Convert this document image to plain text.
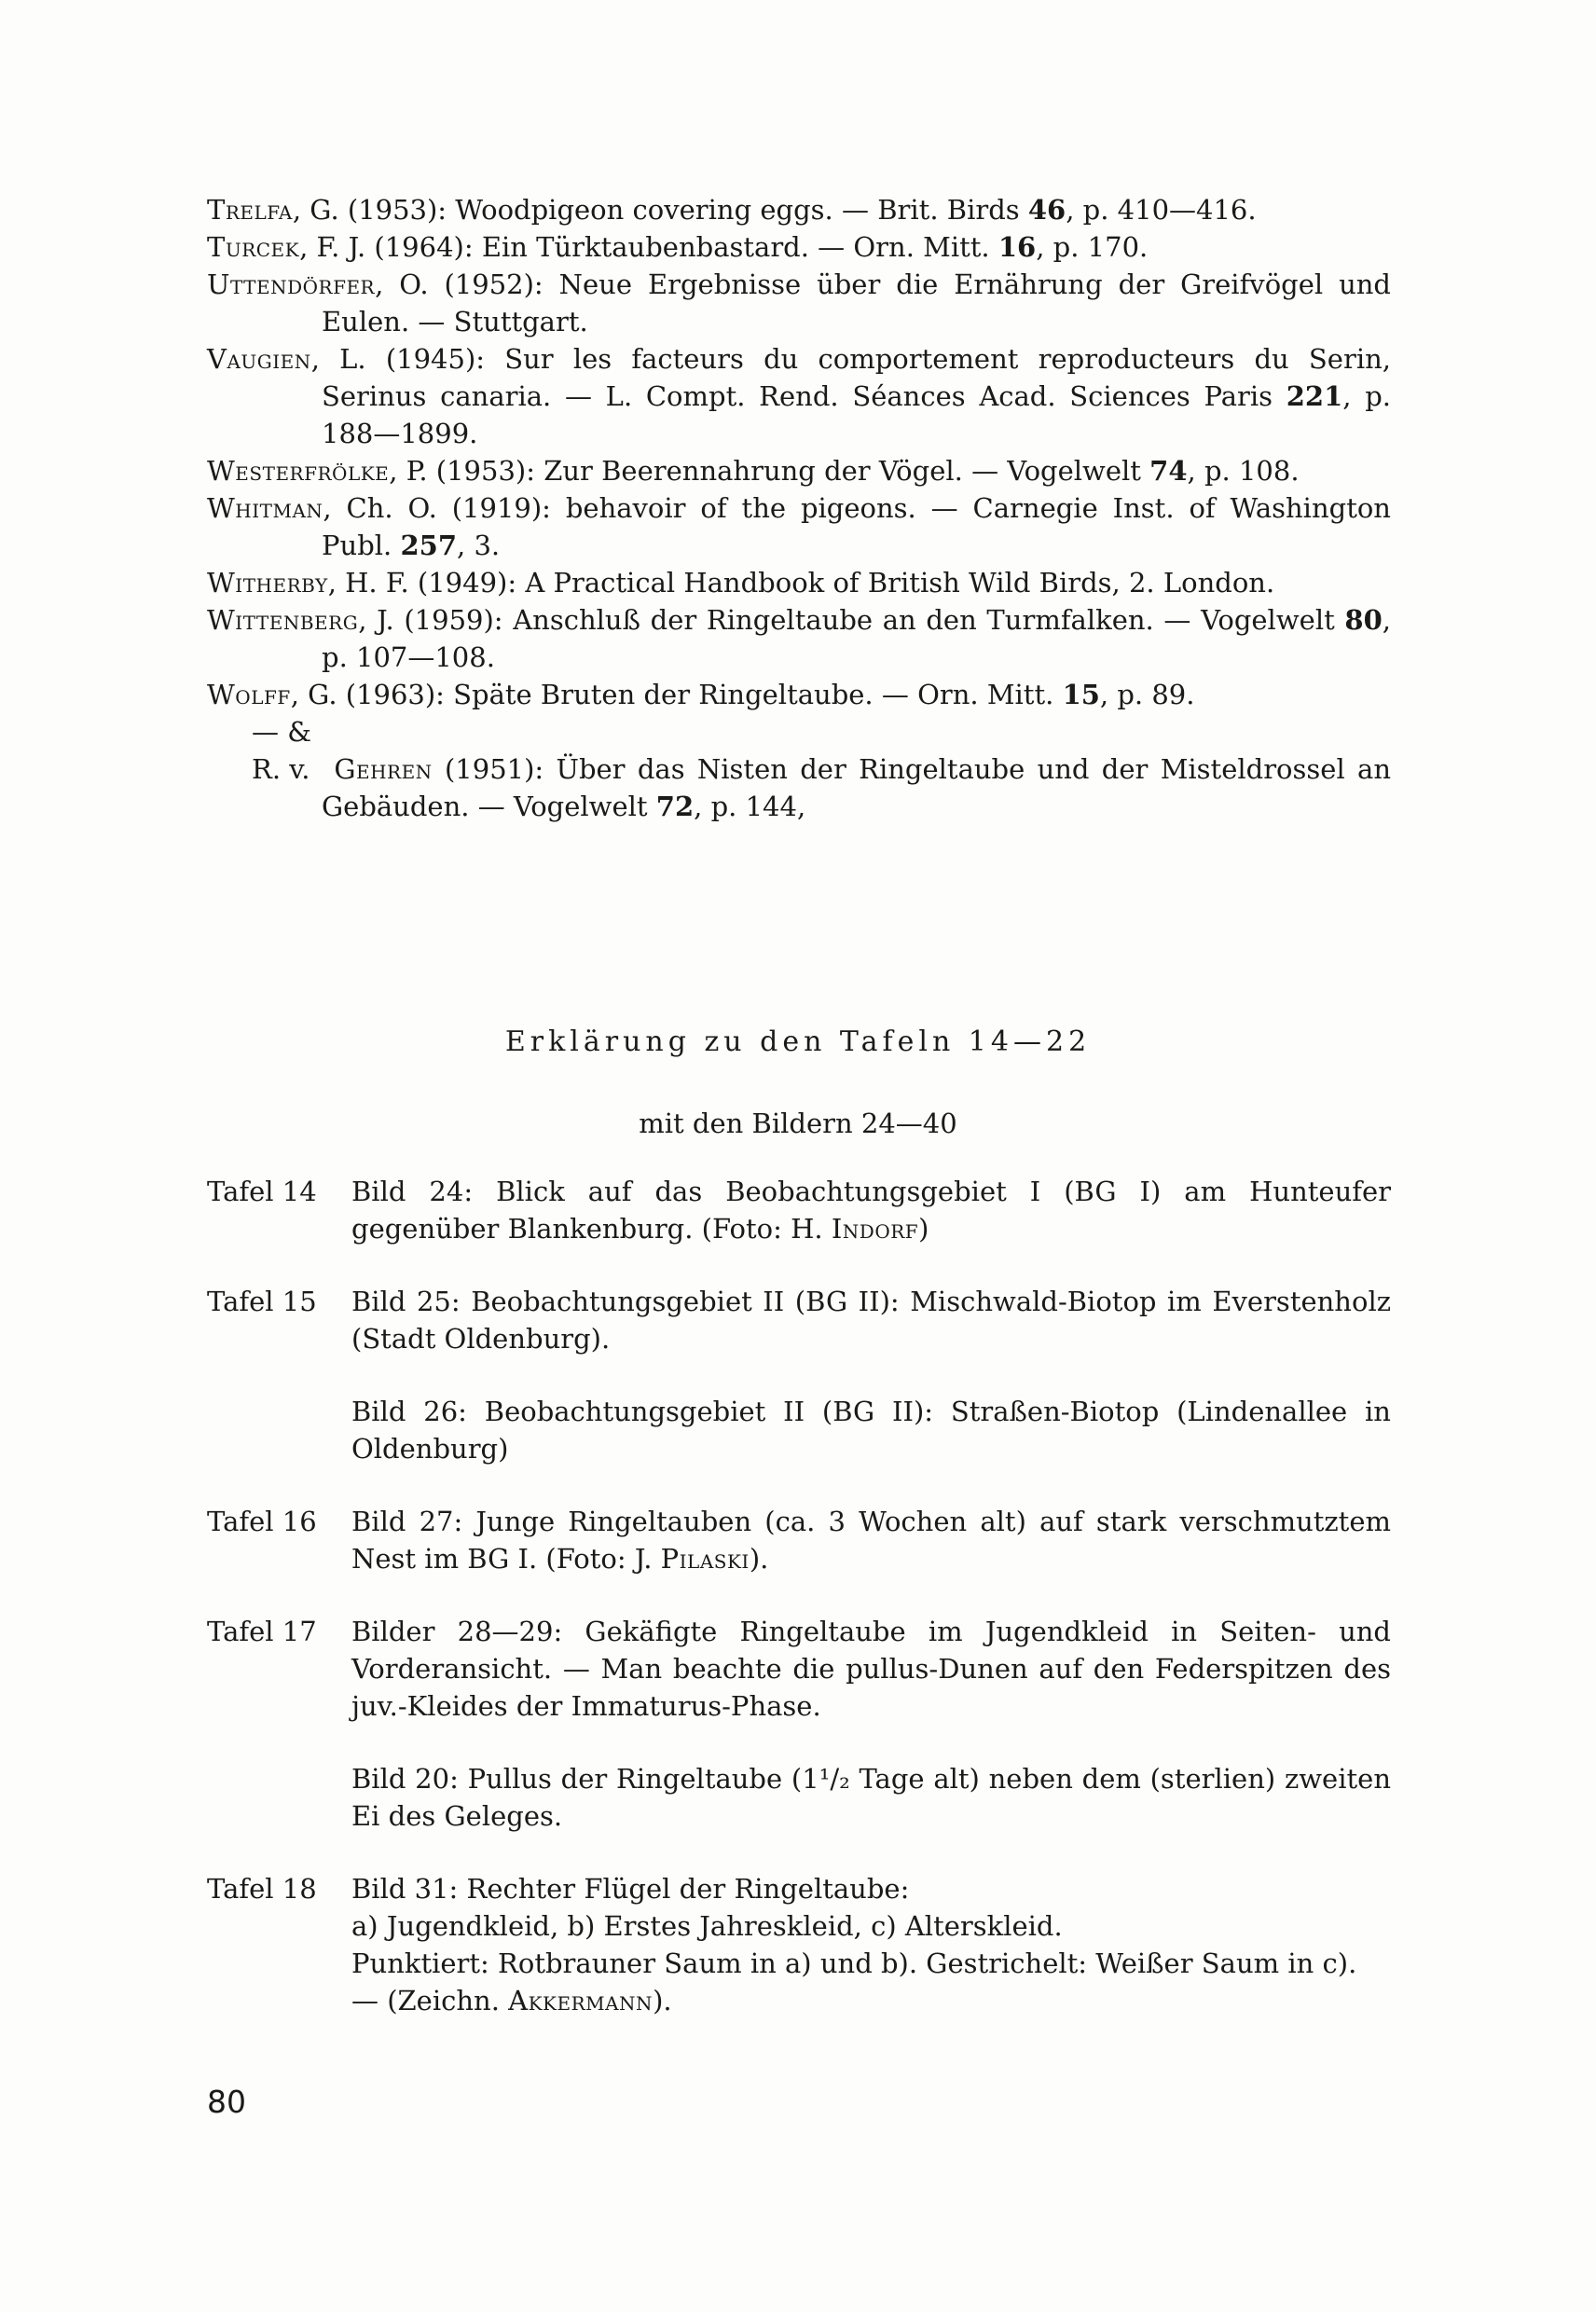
Trelfa, G. (1953): Woodpigeon covering eggs. — Brit. Birds 46, p. 410—416.

Turcek, F. J. (1964): Ein Türktaubenbastard. — Orn. Mitt. 16, p. 170.

Uttendörfer, O. (1952): Neue Ergebnisse über die Ernährung der Greifvögel und Eulen. — Stuttgart.

Vaugien, L. (1945): Sur les facteurs du comportement reproducteurs du Serin, Serinus canaria. — L. Compt. Rend. Séances Acad. Sciences Paris 221, p. 188—1899.

Westerfrölke, P. (1953): Zur Beerennahrung der Vögel. — Vogelwelt 74, p. 108.

Whitman, Ch. O. (1919): behavoir of the pigeons. — Carnegie Inst. of Washington Publ. 257, 3.

Witherby, H. F. (1949): A Practical Handbook of British Wild Birds, 2. London.

Wittenberg, J. (1959): Anschluß der Ringeltaube an den Turmfalken. — Vogelwelt 80, p. 107—108.

Wolff, G. (1963): Späte Bruten der Ringeltaube. — Orn. Mitt. 15, p. 89.

— & R. v. Gehren (1951): Über das Nisten der Ringeltaube und der Misteldrossel an Gebäuden. — Vogelwelt 72, p. 144,

Erklärung zu den Tafeln 14—22
mit den Bildern 24—40
Tafel 14	Bild 24: Blick auf das Beobachtungsgebiet I (BG I) am Hunteufer gegenüber Blankenburg. (Foto: H. Indorf)

Tafel 15	Bild 25: Beobachtungsgebiet II (BG II): Mischwald-Biotop im Everstenholz (Stadt Oldenburg).

Bild 26: Beobachtungsgebiet II (BG II): Straßen-Biotop (Lindenallee in Oldenburg)

Tafel 16	Bild 27: Junge Ringeltauben (ca. 3 Wochen alt) auf stark verschmutztem Nest im BG I. (Foto: J. Pilaski).

Tafel 17	Bilder 28—29: Gekäfigte Ringeltaube im Jugendkleid in Seiten- und Vorderansicht. — Man beachte die pullus-Dunen auf den Federspitzen des juv.-Kleides der Immaturus-Phase.

Bild 20: Pullus der Ringeltaube (1¹/₂ Tage alt) neben dem (sterlien) zweiten Ei des Geleges.

Tafel 18	Bild 31: Rechter Flügel der Ringeltaube:
a) Jugendkleid, b) Erstes Jahreskleid, c) Alterskleid.
Punktiert: Rotbrauner Saum in a) und b). Gestrichelt: Weißer Saum in c).
— (Zeichn. Akkermann).
80
